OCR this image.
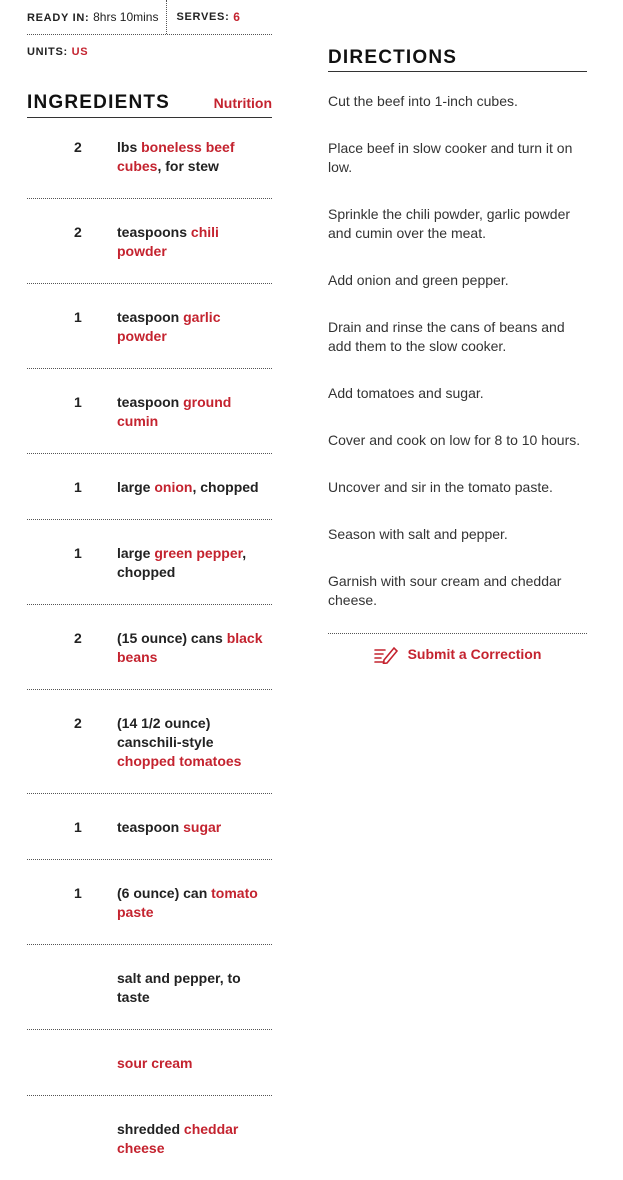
READY IN: 8hrs 10mins	SERVES:
6
UNITS: US
INGREDIENTS	Nutrition
2	lbs boneless beef cubes, for stew
2	teaspoons chili powder
1	teaspoon garlic powder
1	teaspoon ground cumin
1	large onion, chopped
1	large green pepper, chopped
2	(15 ounce) cans black beans
2	(14 1/2 ounce) canschili-style chopped tomatoes
1	teaspoon sugar
1	(6 ounce) can tomato paste
salt and pepper, to taste
sour cream
shredded cheddar cheese
DIRECTIONS
Cut the beef into 1-inch cubes.
Place beef in slow cooker and turn it on low.
Sprinkle the chili powder, garlic powder and cumin over the meat.
Add onion and green pepper.
Drain and rinse the cans of beans and add them to the slow cooker.
Add tomatoes and sugar.
Cover and cook on low for 8 to 10 hours.
Uncover and sir in the tomato paste.
Season with salt and pepper.
Garnish with sour cream and cheddar cheese.
Submit a Correction
